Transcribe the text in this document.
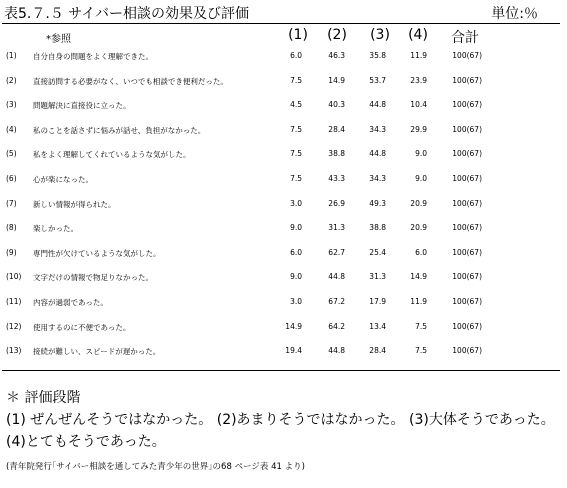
表5.７.５ サイバー相談の効果及び評価	単位:％
*参照	(1)	(2)	(3)	(4)	合計
(1) 自分自身の問題をよく理解できた。	6.0	46.3	35.8	11.9	100(67)
(2) 直接訪問する必要がなく、いつでも相談でき便利だった。	7.5	14.9	53.7	23.9	100(67)
(3) 問題解決に直接役に立った。	4.5	40.3	44.8	10.4	100(67)
(4) 私のことを話さずに悩みが話せ、負担がなかった。	7.5	28.4	34.3	29.9	100(67)
(5) 私をよく理解してくれているような気がした。	7.5	38.8	44.8	9.0	100(67)
(6) 心が楽になった。	7.5	43.3	34.3	9.0	100(67)
(7) 新しい情報が得られた。	3.0	26.9	49.3	20.9	100(67)
(8) 楽しかった。	9.0	31.3	38.8	20.9	100(67)
(9) 専門性が欠けているような気がした。	6.0	62.7	25.4	6.0	100(67)
(10) 文字だけの情報で物足りなかった。	9.0	44.8	31.3	14.9	100(67)
(11) 内容が過弱であった。	3.0	67.2	17.9	11.9	100(67)
(12) 使用するのに不便であった。	14.9	64.2	13.4	7.5	100(67)
(13) 接続が難しい、スピードが遅かった。	19.4	44.8	28.4	7.5	100(67)
＊ 評価段階
(1) ぜんぜんそうではなかった。 (2)あまりそうではなかった。 (3)大体そうであった。
(4)とてもそうであった。
(青年院発行｢サイバー相談を通してみた青少年の世界｣の68 ページ表 41 より)
